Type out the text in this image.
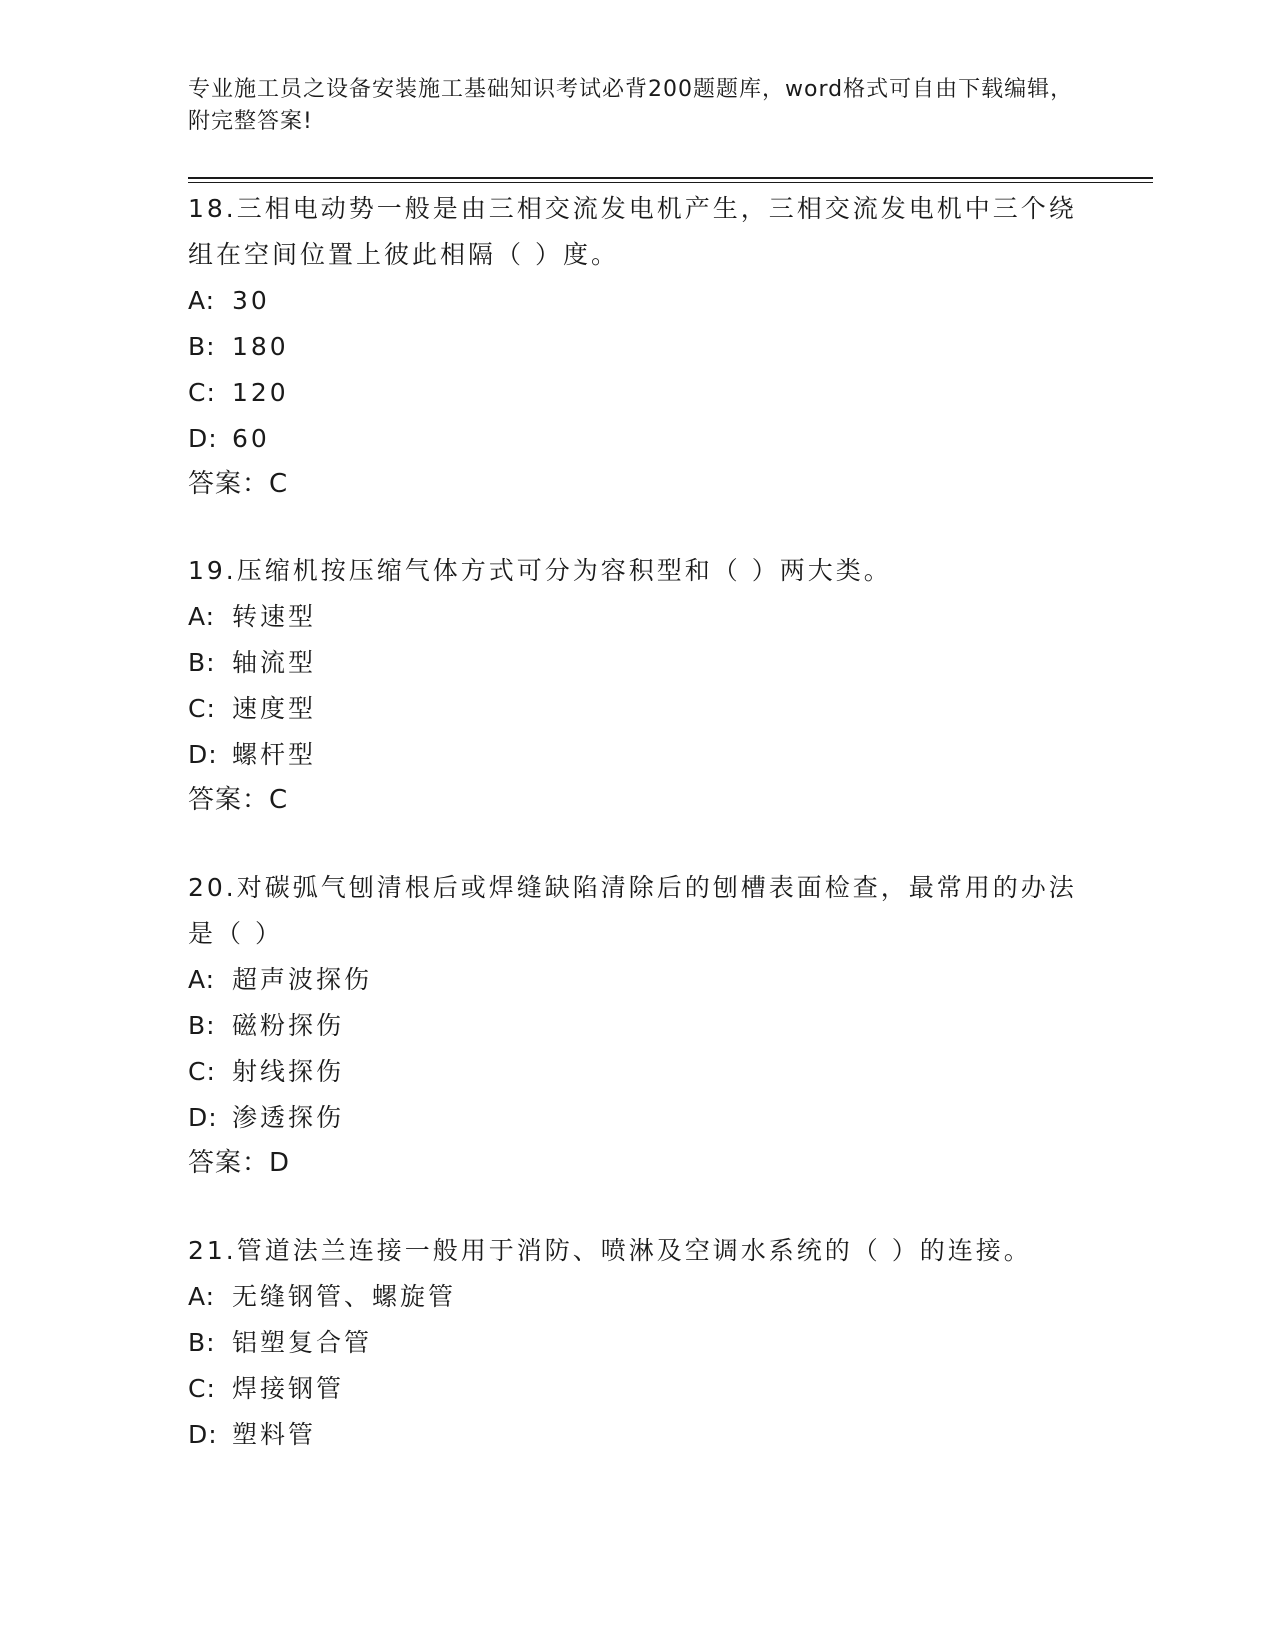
专业施工员之设备安装施工基础知识考试必背200题题库，word格式可自由下载编辑，附完整答案!

18.三相电动势一般是由三相交流发电机产生，三相交流发电机中三个绕组在空间位置上彼此相隔（ ）度。

A: 30

B: 180

C: 120

D: 60

答案：C

19.压缩机按压缩气体方式可分为容积型和（ ）两大类。

A: 转速型

B: 轴流型

C: 速度型

D: 螺杆型

答案：C

20.对碳弧气刨清根后或焊缝缺陷清除后的刨槽表面检查，最常用的办法是（ ）

A: 超声波探伤

B: 磁粉探伤

C: 射线探伤

D: 渗透探伤

答案：D

21.管道法兰连接一般用于消防、喷淋及空调水系统的（ ）的连接。

A: 无缝钢管、螺旋管

B: 铝塑复合管

C: 焊接钢管

D: 塑料管
